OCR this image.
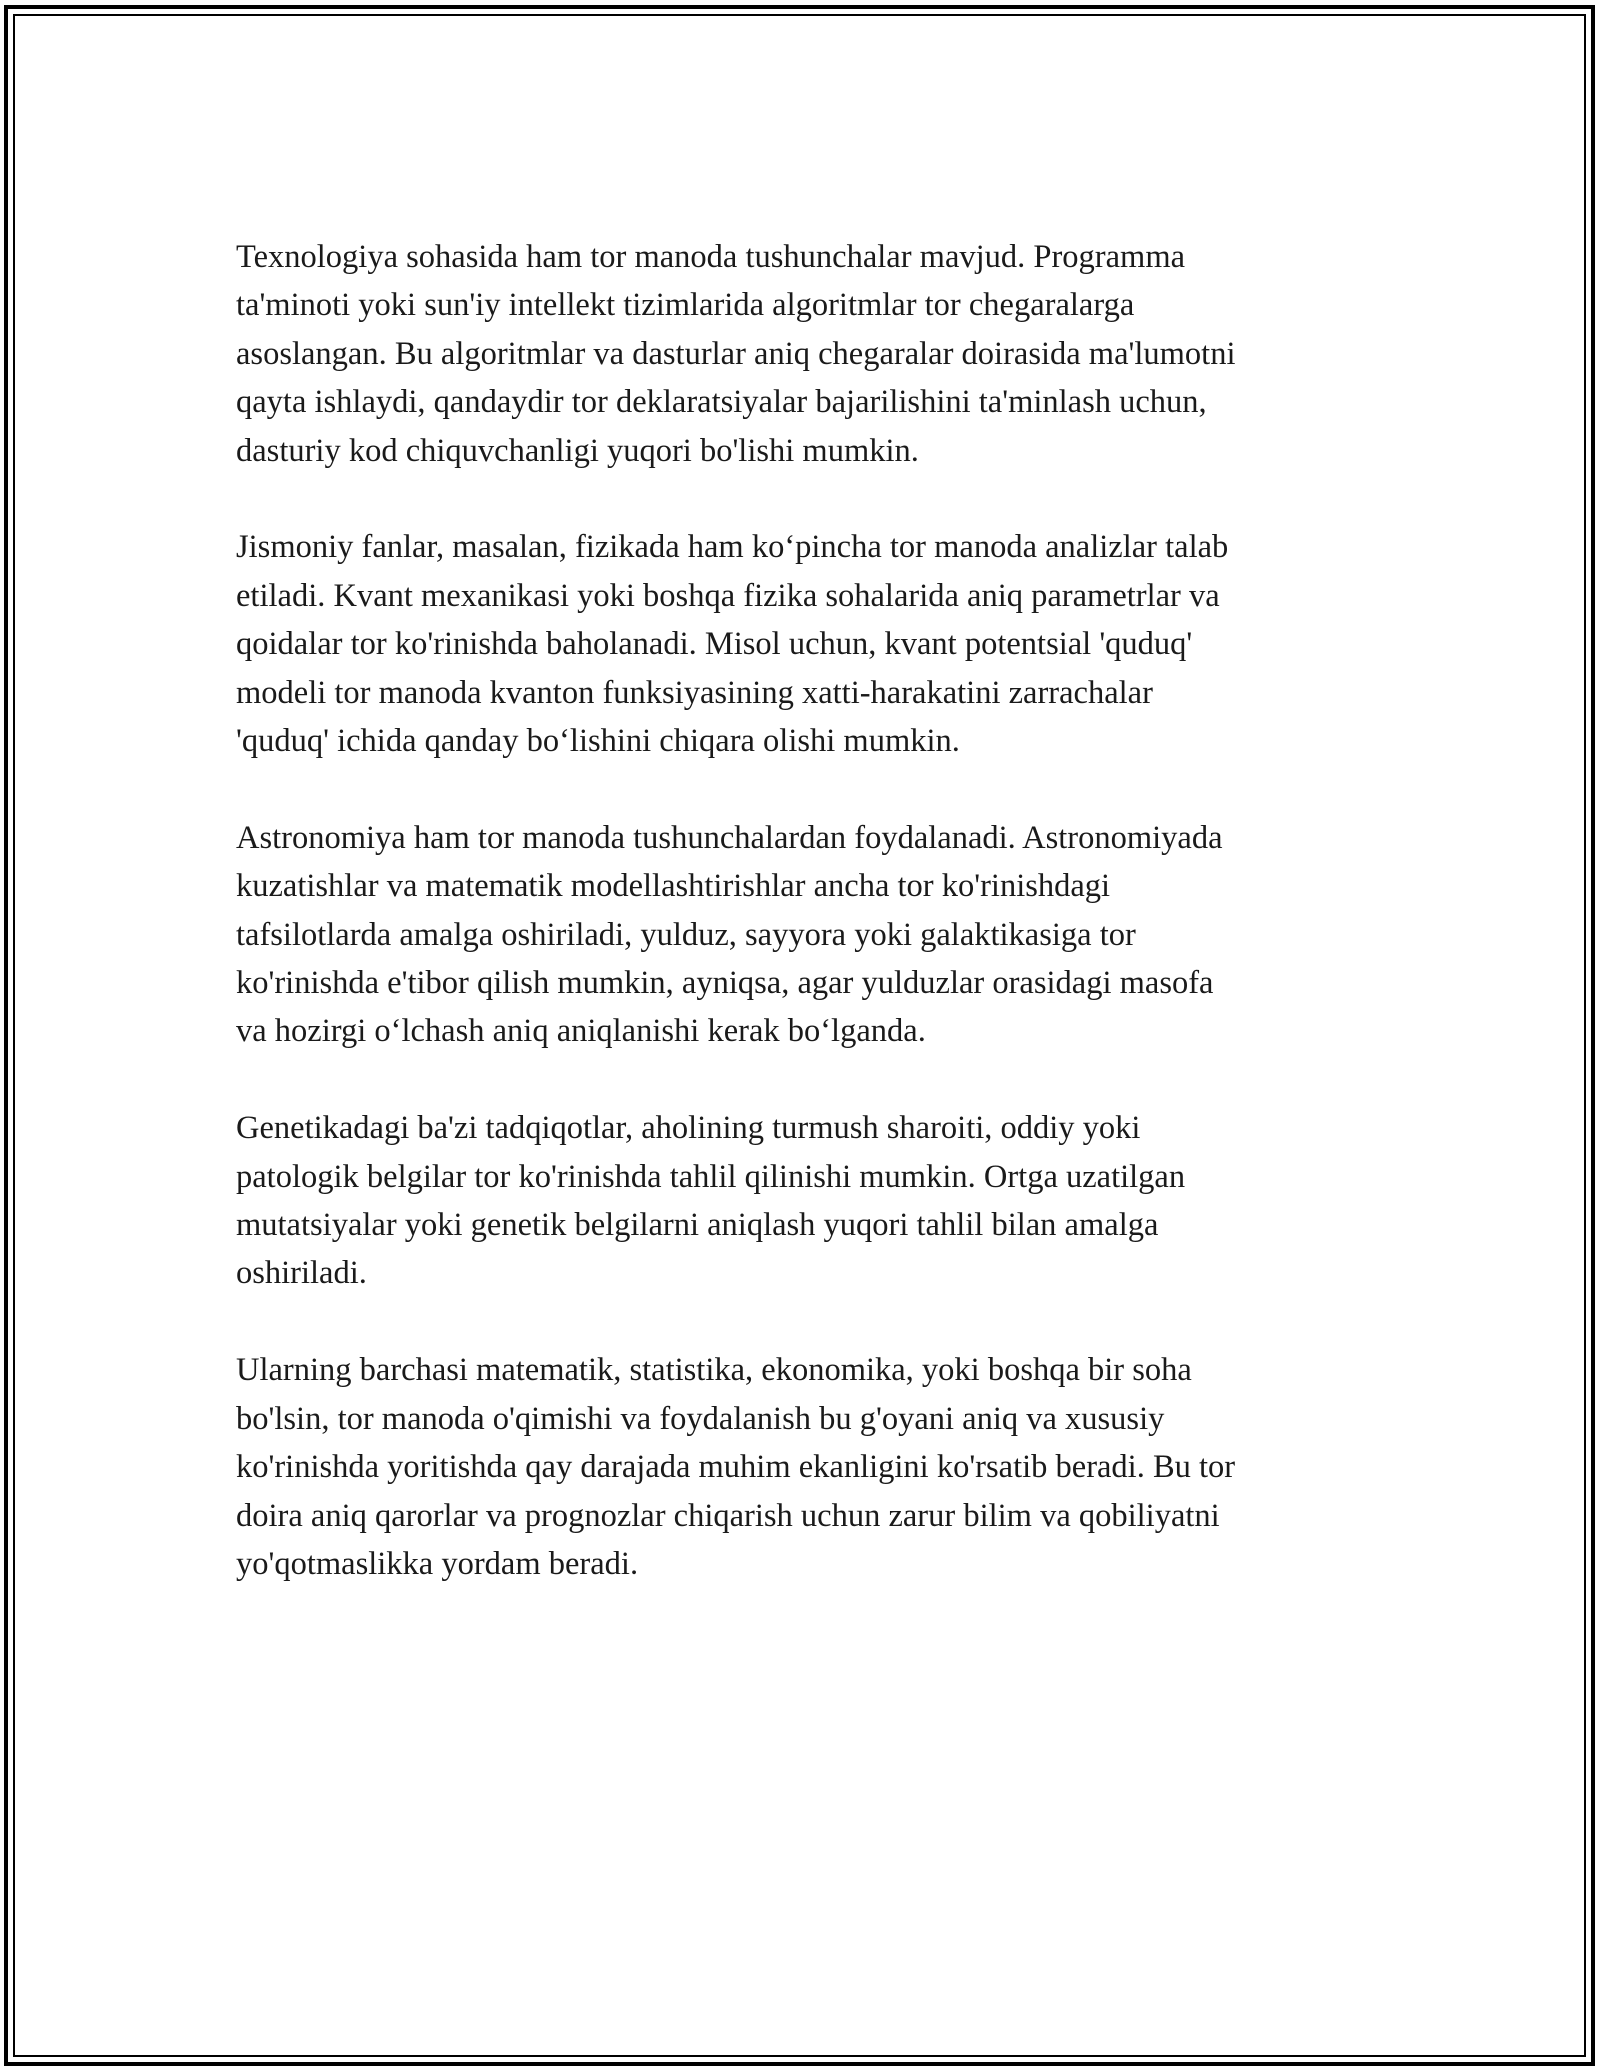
Texnologiya sohasida ham tor manoda tushunchalar mavjud. Programma
ta'minoti yoki sun'iy intellekt tizimlarida algoritmlar tor chegaralarga
asoslangan. Bu algoritmlar va dasturlar aniq chegaralar doirasida ma'lumotni
qayta ishlaydi, qandaydir tor deklaratsiyalar bajarilishini ta'minlash uchun,
dasturiy kod chiquvchanligi yuqori bo'lishi mumkin.

Jismoniy fanlar, masalan, fizikada ham ko‘pincha tor manoda analizlar talab
etiladi. Kvant mexanikasi yoki boshqa fizika sohalarida aniq parametrlar va
qoidalar tor ko'rinishda baholanadi. Misol uchun, kvant potentsial 'quduq'
modeli tor manoda kvanton funksiyasining xatti-harakatini zarrachalar
'quduq' ichida qanday bo‘lishini chiqara olishi mumkin.

Astronomiya ham tor manoda tushunchalardan foydalanadi. Astronomiyada
kuzatishlar va matematik modellashtirishlar ancha tor ko'rinishdagi
tafsilotlarda amalga oshiriladi, yulduz, sayyora yoki galaktikasiga tor
ko'rinishda e'tibor qilish mumkin, ayniqsa, agar yulduzlar orasidagi masofa
va hozirgi o‘lchash aniq aniqlanishi kerak bo‘lganda.

Genetikadagi ba'zi tadqiqotlar, aholining turmush sharoiti, oddiy yoki
patologik belgilar tor ko'rinishda tahlil qilinishi mumkin. Ortga uzatilgan
mutatsiyalar yoki genetik belgilarni aniqlash yuqori tahlil bilan amalga
oshiriladi.

Ularning barchasi matematik, statistika, ekonomika, yoki boshqa bir soha
bo'lsin, tor manoda o'qimishi va foydalanish bu g'oyani aniq va xususiy
ko'rinishda yoritishda qay darajada muhim ekanligini ko'rsatib beradi. Bu tor
doira aniq qarorlar va prognozlar chiqarish uchun zarur bilim va qobiliyatni
yo'qotmaslikka yordam beradi.
